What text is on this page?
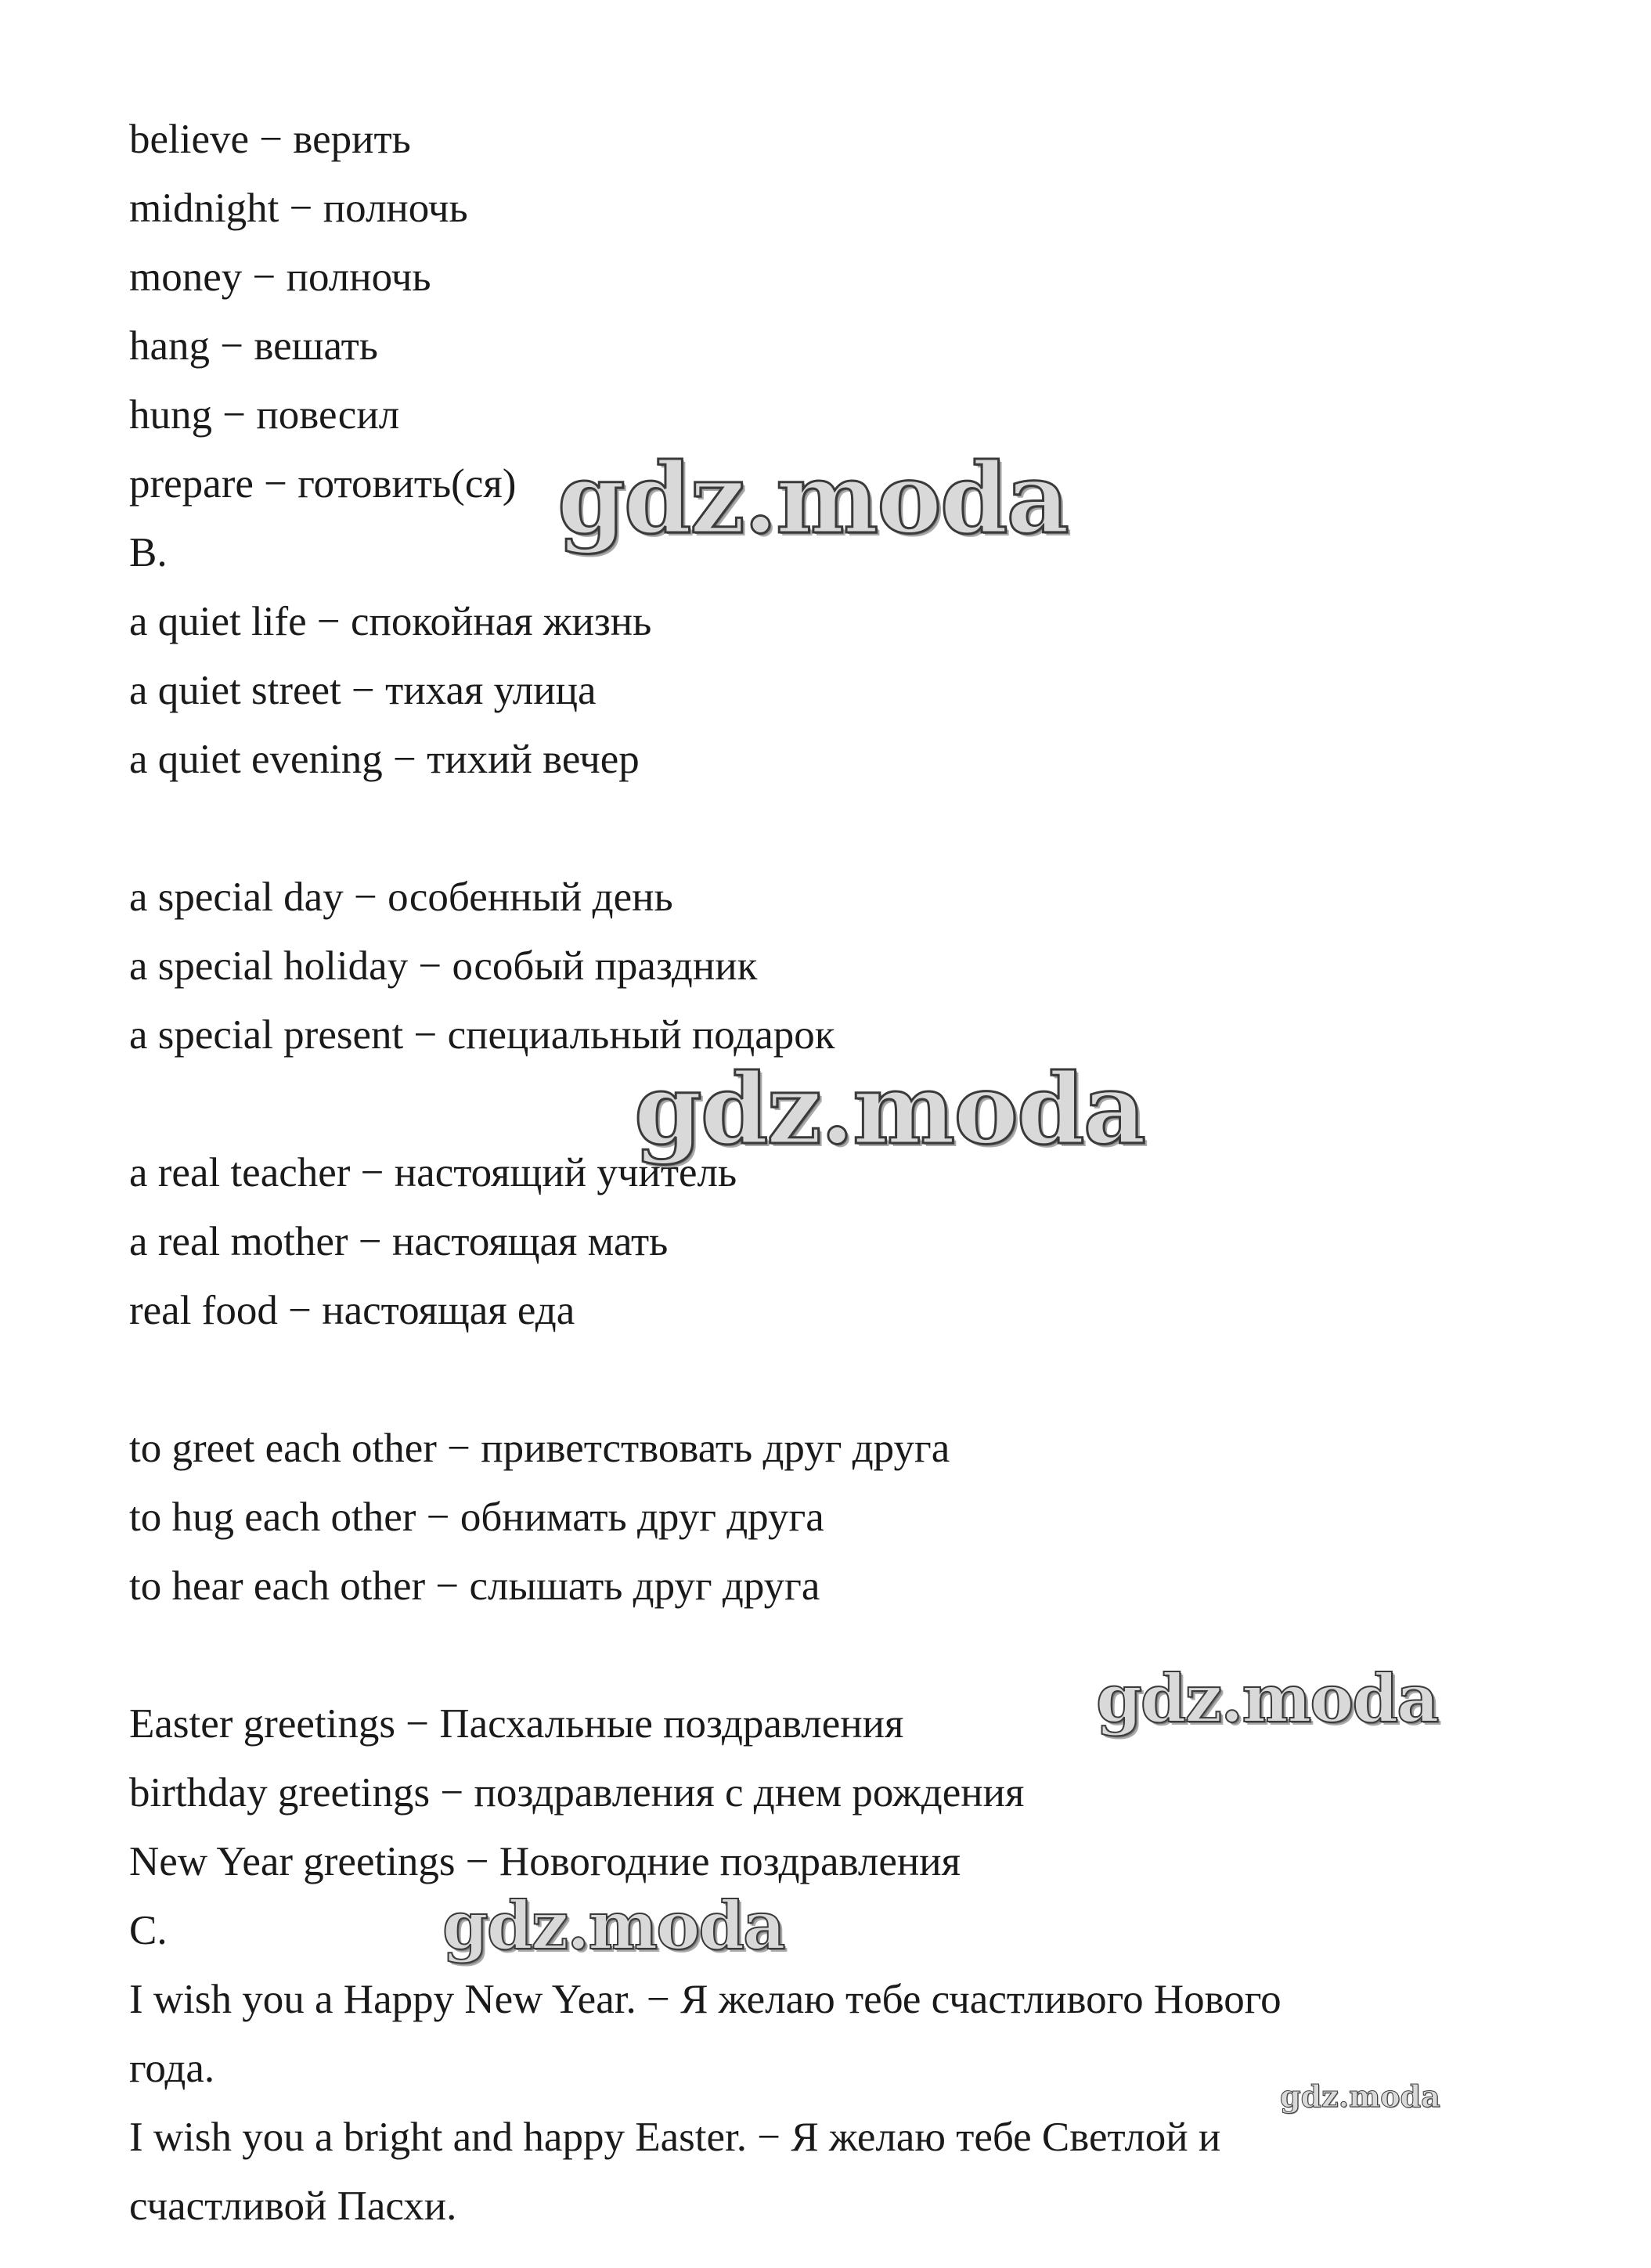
believe − верить
midnight − полночь
money − полночь
hang − вешать
hung − повесил
prepare − готовить(ся)
B.
a quiet life − спокойная жизнь
a quiet street − тихая улица
a quiet evening − тихий вечер
a special day − особенный день
a special holiday − особый праздник
a special present − специальный подарок
a real teacher − настоящий учитель
a real mother − настоящая мать
real food − настоящая еда
to greet each other − приветствовать друг друга
to hug each other − обнимать друг друга
to hear each other − слышать друг друга
Easter greetings − Пасхальные поздравления
birthday greetings − поздравления с днем рождения
New Year greetings − Новогодние поздравления
C.
I wish you a Happy New Year. − Я желаю тебе счастливого Нового
года.
I wish you a bright and happy Easter. − Я желаю тебе Светлой и
счастливой Пасхи.
gdz.moda
gdz.moda
gdz.moda
gdz.moda
gdz.moda
